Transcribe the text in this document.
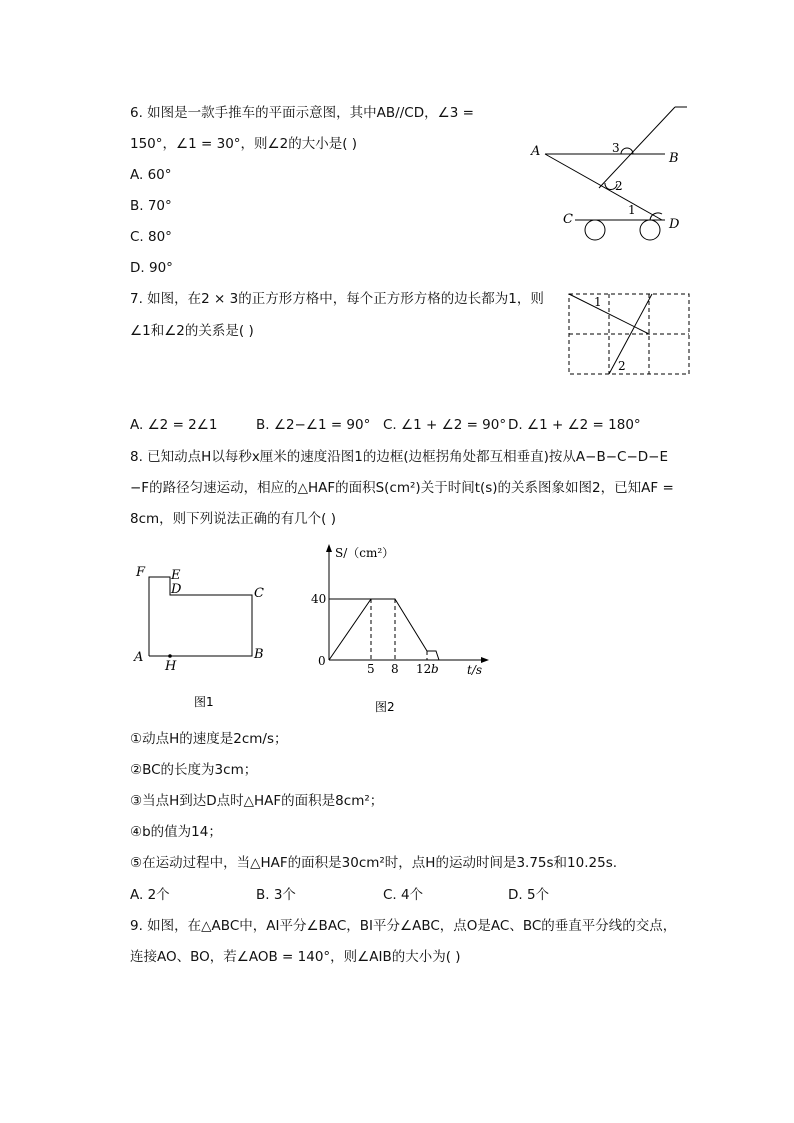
6. 如图是一款手推车的平面示意图，其中AB//CD，∠3 =
150°，∠1 = 30°，则∠2的大小是( )
A. 60°
B. 70°
C. 80°
D. 90°
A	B
C	D
3
2
1
7. 如图，在2 × 3的正方形方格中，每个正方形方格的边长都为1，则
∠1和∠2的关系是( )
1
2
A. ∠2 = 2∠1	B. ∠2−∠1 = 90° C. ∠1 + ∠2 = 90° D. ∠1 + ∠2 = 180°
8. 已知动点H以每秒x厘米的速度沿图1的边框(边框拐角处都互相垂直)按从A−B−C−D−E
−F的路径匀速运动，相应的△HAF的面积S(cm²)关于时间t(s)的关系图象如图2，已知AF =
8cm，则下列说法正确的有几个( )
F E
D	C
A	B
H
图1
S/（cm²）
40
0
5 8 12 b t/s
图2
①动点H的速度是2cm/s；
②BC的长度为3cm；
③当点H到达D点时△HAF的面积是8cm²；
④b的值为14；
⑤在运动过程中，当△HAF的面积是30cm²时，点H的运动时间是3.75s和10.25s.
A. 2个	B. 3个	C. 4个	D. 5个
9. 如图，在△ABC中，AI平分∠BAC，BI平分∠ABC，点O是AC、BC的垂直平分线的交点，
连接AO、BO，若∠AOB = 140°，则∠AIB的大小为( )
